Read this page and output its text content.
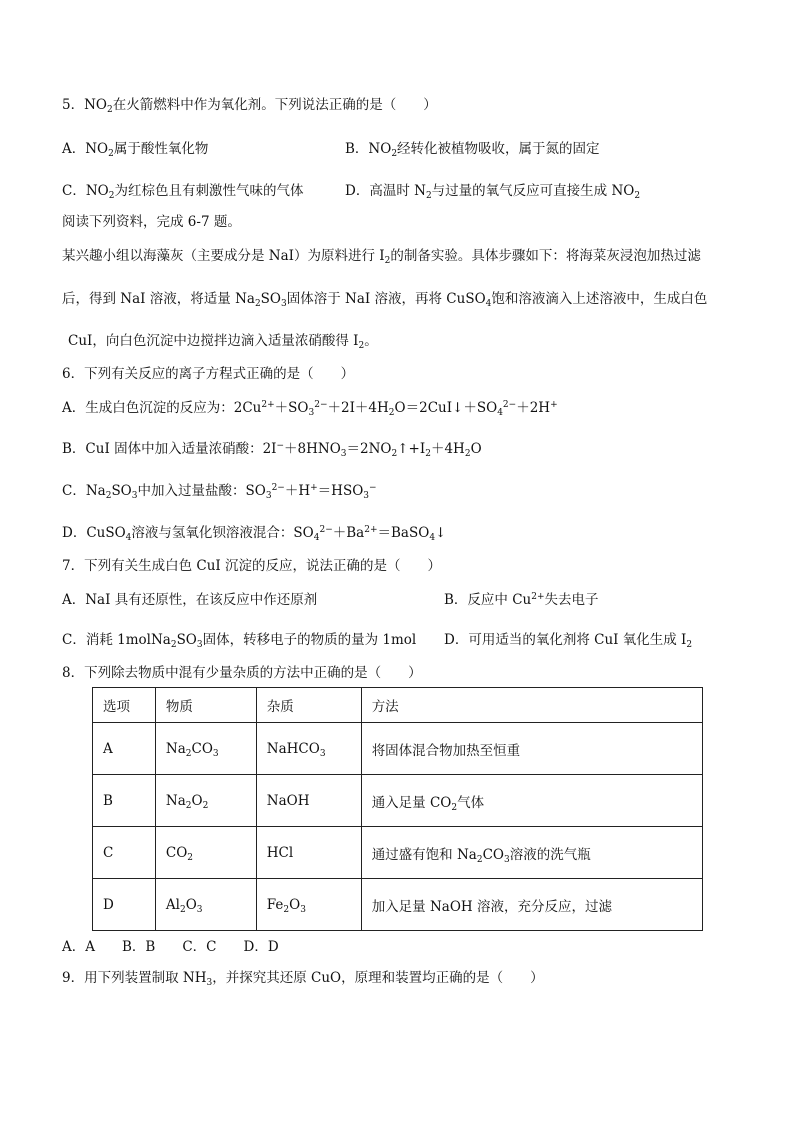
5．$NO_2$在火箭燃料中作为氧化剂。下列说法正确的是（　　）
A．$NO_2$属于酸性氧化物	B．$NO_2$经转化被植物吸收，属于氮的固定
C．$NO_2$为红棕色且有刺激性气味的气体	D．高温时 $N_2$与过量的氧气反应可直接生成 $NO_2$
阅读下列资料，完成 6-7 题。
某兴趣小组以海藻灰（主要成分是 NaI）为原料进行 $I_2$的制备实验。具体步骤如下：将海菜灰浸泡加热过滤
后，得到 NaI 溶液，将适量 $Na_2SO_3$固体溶于 NaI 溶液，再将 CuSO$_4$饱和溶液滴入上述溶液中，生成白色
CuI，向白色沉淀中边搅拌边滴入适量浓硝酸得 $I_2$。
6．下列有关反应的离子方程式正确的是（　　）
A．生成白色沉淀的反应为：$2Cu^{2+}+SO_3^{2-}+2I+4H_2O=2CuI↓+SO_4^{2-}+2H^+$
B．CuI 固体中加入适量浓硝酸：$2I^-+8HNO_3=2NO_2↑+I_2+4H_2O$
C．$Na_2SO_3$中加入过量盐酸：$SO_3^{2-}+H^+=HSO_3^-$
D．CuSO$_4$溶液与氢氧化钡溶液混合：$SO_4^{2-}+Ba^{2+}=BaSO_4↓$
7．下列有关生成白色 CuI 沉淀的反应，说法正确的是（　　）
A．NaI 具有还原性，在该反应中作还原剂	B．反应中 $Cu^{2+}$失去电子
C．消耗 $1molNa_2SO_3$固体，转移电子的物质的量为 1mol D．可用适当的氧化剂将 CuI 氧化生成 $I_2$
8．下列除去物质中混有少量杂质的方法中正确的是（　　）
选项	物质	杂质	方法
A	$Na_2CO_3$	NaHCO$_3$	将固体混合物加热至恒重
B	$Na_2O_2$	NaOH	通入足量 $CO_2$气体
C	$CO_2$	HCl	通过盛有饱和 $Na_2CO_3$溶液的洗气瓶
D	$Al_2O_3$	$Fe_2O_3$	加入足量 NaOH 溶液，充分反应，过滤
A．A　　B．B　　C．C　　D．D
9．用下列装置制取 $NH_3$，并探究其还原 CuO，原理和装置均正确的是（　　）
